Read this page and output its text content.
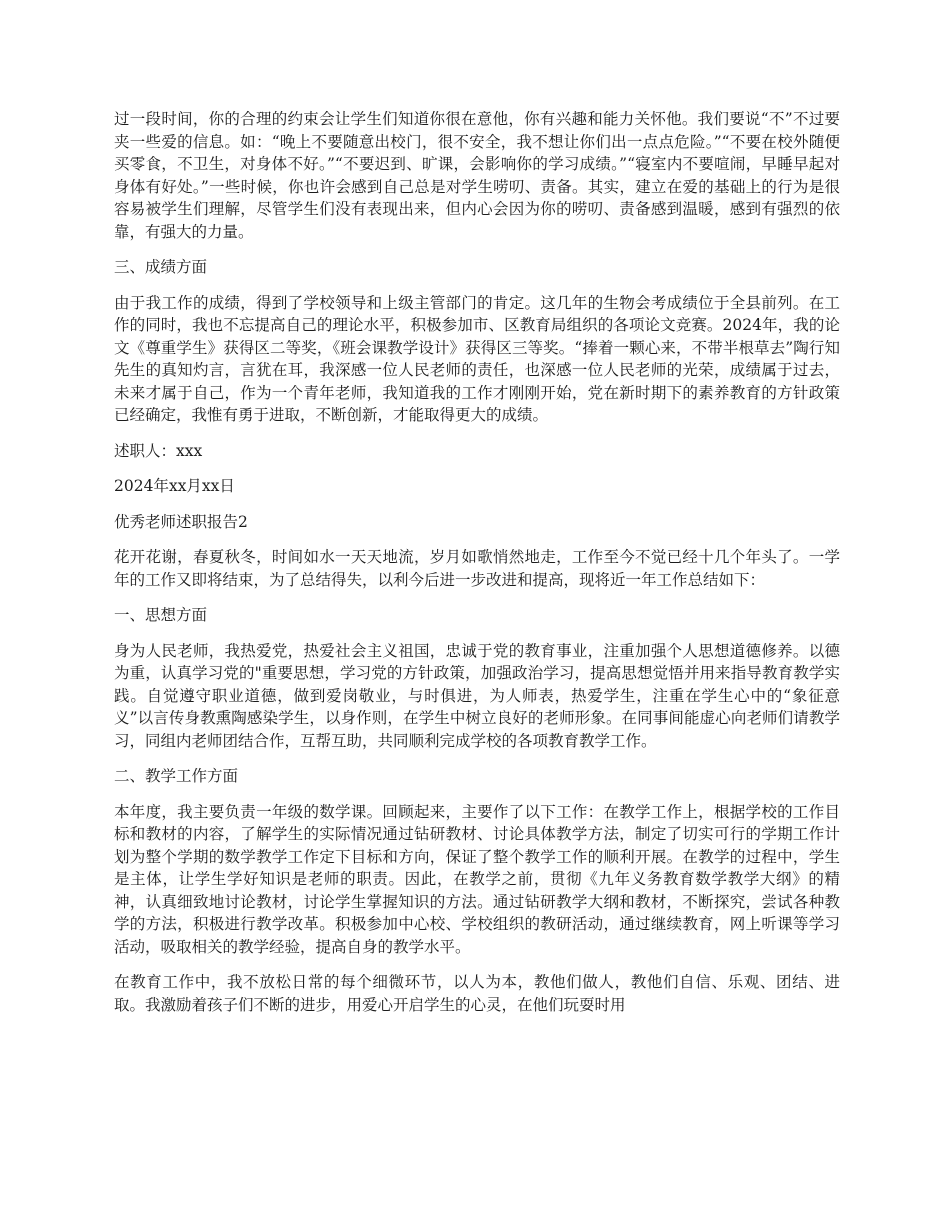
过一段时间，你的合理的约束会让学生们知道你很在意他，你有兴趣和能力关怀他。我们要说“不”不过要夹一些爱的信息。如：“晚上不要随意出校门，很不安全，我不想让你们出一点点危险。”“不要在校外随便买零食，不卫生，对身体不好。”“不要迟到、旷课，会影响你的学习成绩。”“寝室内不要喧闹，早睡早起对身体有好处。”一些时候，你也许会感到自己总是对学生唠叨、责备。其实，建立在爱的基础上的行为是很容易被学生们理解，尽管学生们没有表现出来，但内心会因为你的唠叨、责备感到温暖，感到有强烈的依靠，有强大的力量。

三、成绩方面

由于我工作的成绩，得到了学校领导和上级主管部门的肯定。这几年的生物会考成绩位于全县前列。在工作的同时，我也不忘提高自己的理论水平，积极参加市、区教育局组织的各项论文竞赛。2024年，我的论文《尊重学生》获得区二等奖，《班会课教学设计》获得区三等奖。“捧着一颗心来，不带半根草去”陶行知先生的真知灼言，言犹在耳，我深感一位人民老师的责任，也深感一位人民老师的光荣，成绩属于过去，未来才属于自己，作为一个青年老师，我知道我的工作才刚刚开始，党在新时期下的素养教育的方针政策已经确定，我惟有勇于进取，不断创新，才能取得更大的成绩。

述职人：xxx

2024年xx月xx日

优秀老师述职报告2

花开花谢，春夏秋冬，时间如水一天天地流，岁月如歌悄然地走，工作至今不觉已经十几个年头了。一学年的工作又即将结束，为了总结得失，以利今后进一步改进和提高，现将近一年工作总结如下：

一、思想方面

身为人民老师，我热爱党，热爱社会主义祖国，忠诚于党的教育事业，注重加强个人思想道德修养。以德为重，认真学习党的"重要思想，学习党的方针政策，加强政治学习，提高思想觉悟并用来指导教育教学实践。自觉遵守职业道德，做到爱岗敬业，与时俱进，为人师表，热爱学生，注重在学生心中的“象征意义”以言传身教熏陶感染学生，以身作则，在学生中树立良好的老师形象。在同事间能虚心向老师们请教学习，同组内老师团结合作，互帮互助，共同顺利完成学校的各项教育教学工作。

二、教学工作方面

本年度，我主要负责一年级的数学课。回顾起来，主要作了以下工作：在教学工作上，根据学校的工作目标和教材的内容，了解学生的实际情况通过钻研教材、讨论具体教学方法，制定了切实可行的学期工作计划为整个学期的数学教学工作定下目标和方向，保证了整个教学工作的顺利开展。在教学的过程中，学生是主体，让学生学好知识是老师的职责。因此，在教学之前，贯彻《九年义务教育数学教学大纲》的精神，认真细致地讨论教材，讨论学生掌握知识的方法。通过钻研教学大纲和教材，不断探究，尝试各种教学的方法，积极进行教学改革。积极参加中心校、学校组织的教研活动，通过继续教育，网上听课等学习活动，吸取相关的教学经验，提高自身的教学水平。

在教育工作中，我不放松日常的每个细微环节，以人为本，教他们做人，教他们自信、乐观、团结、进取。我激励着孩子们不断的进步，用爱心开启学生的心灵，在他们玩耍时用
